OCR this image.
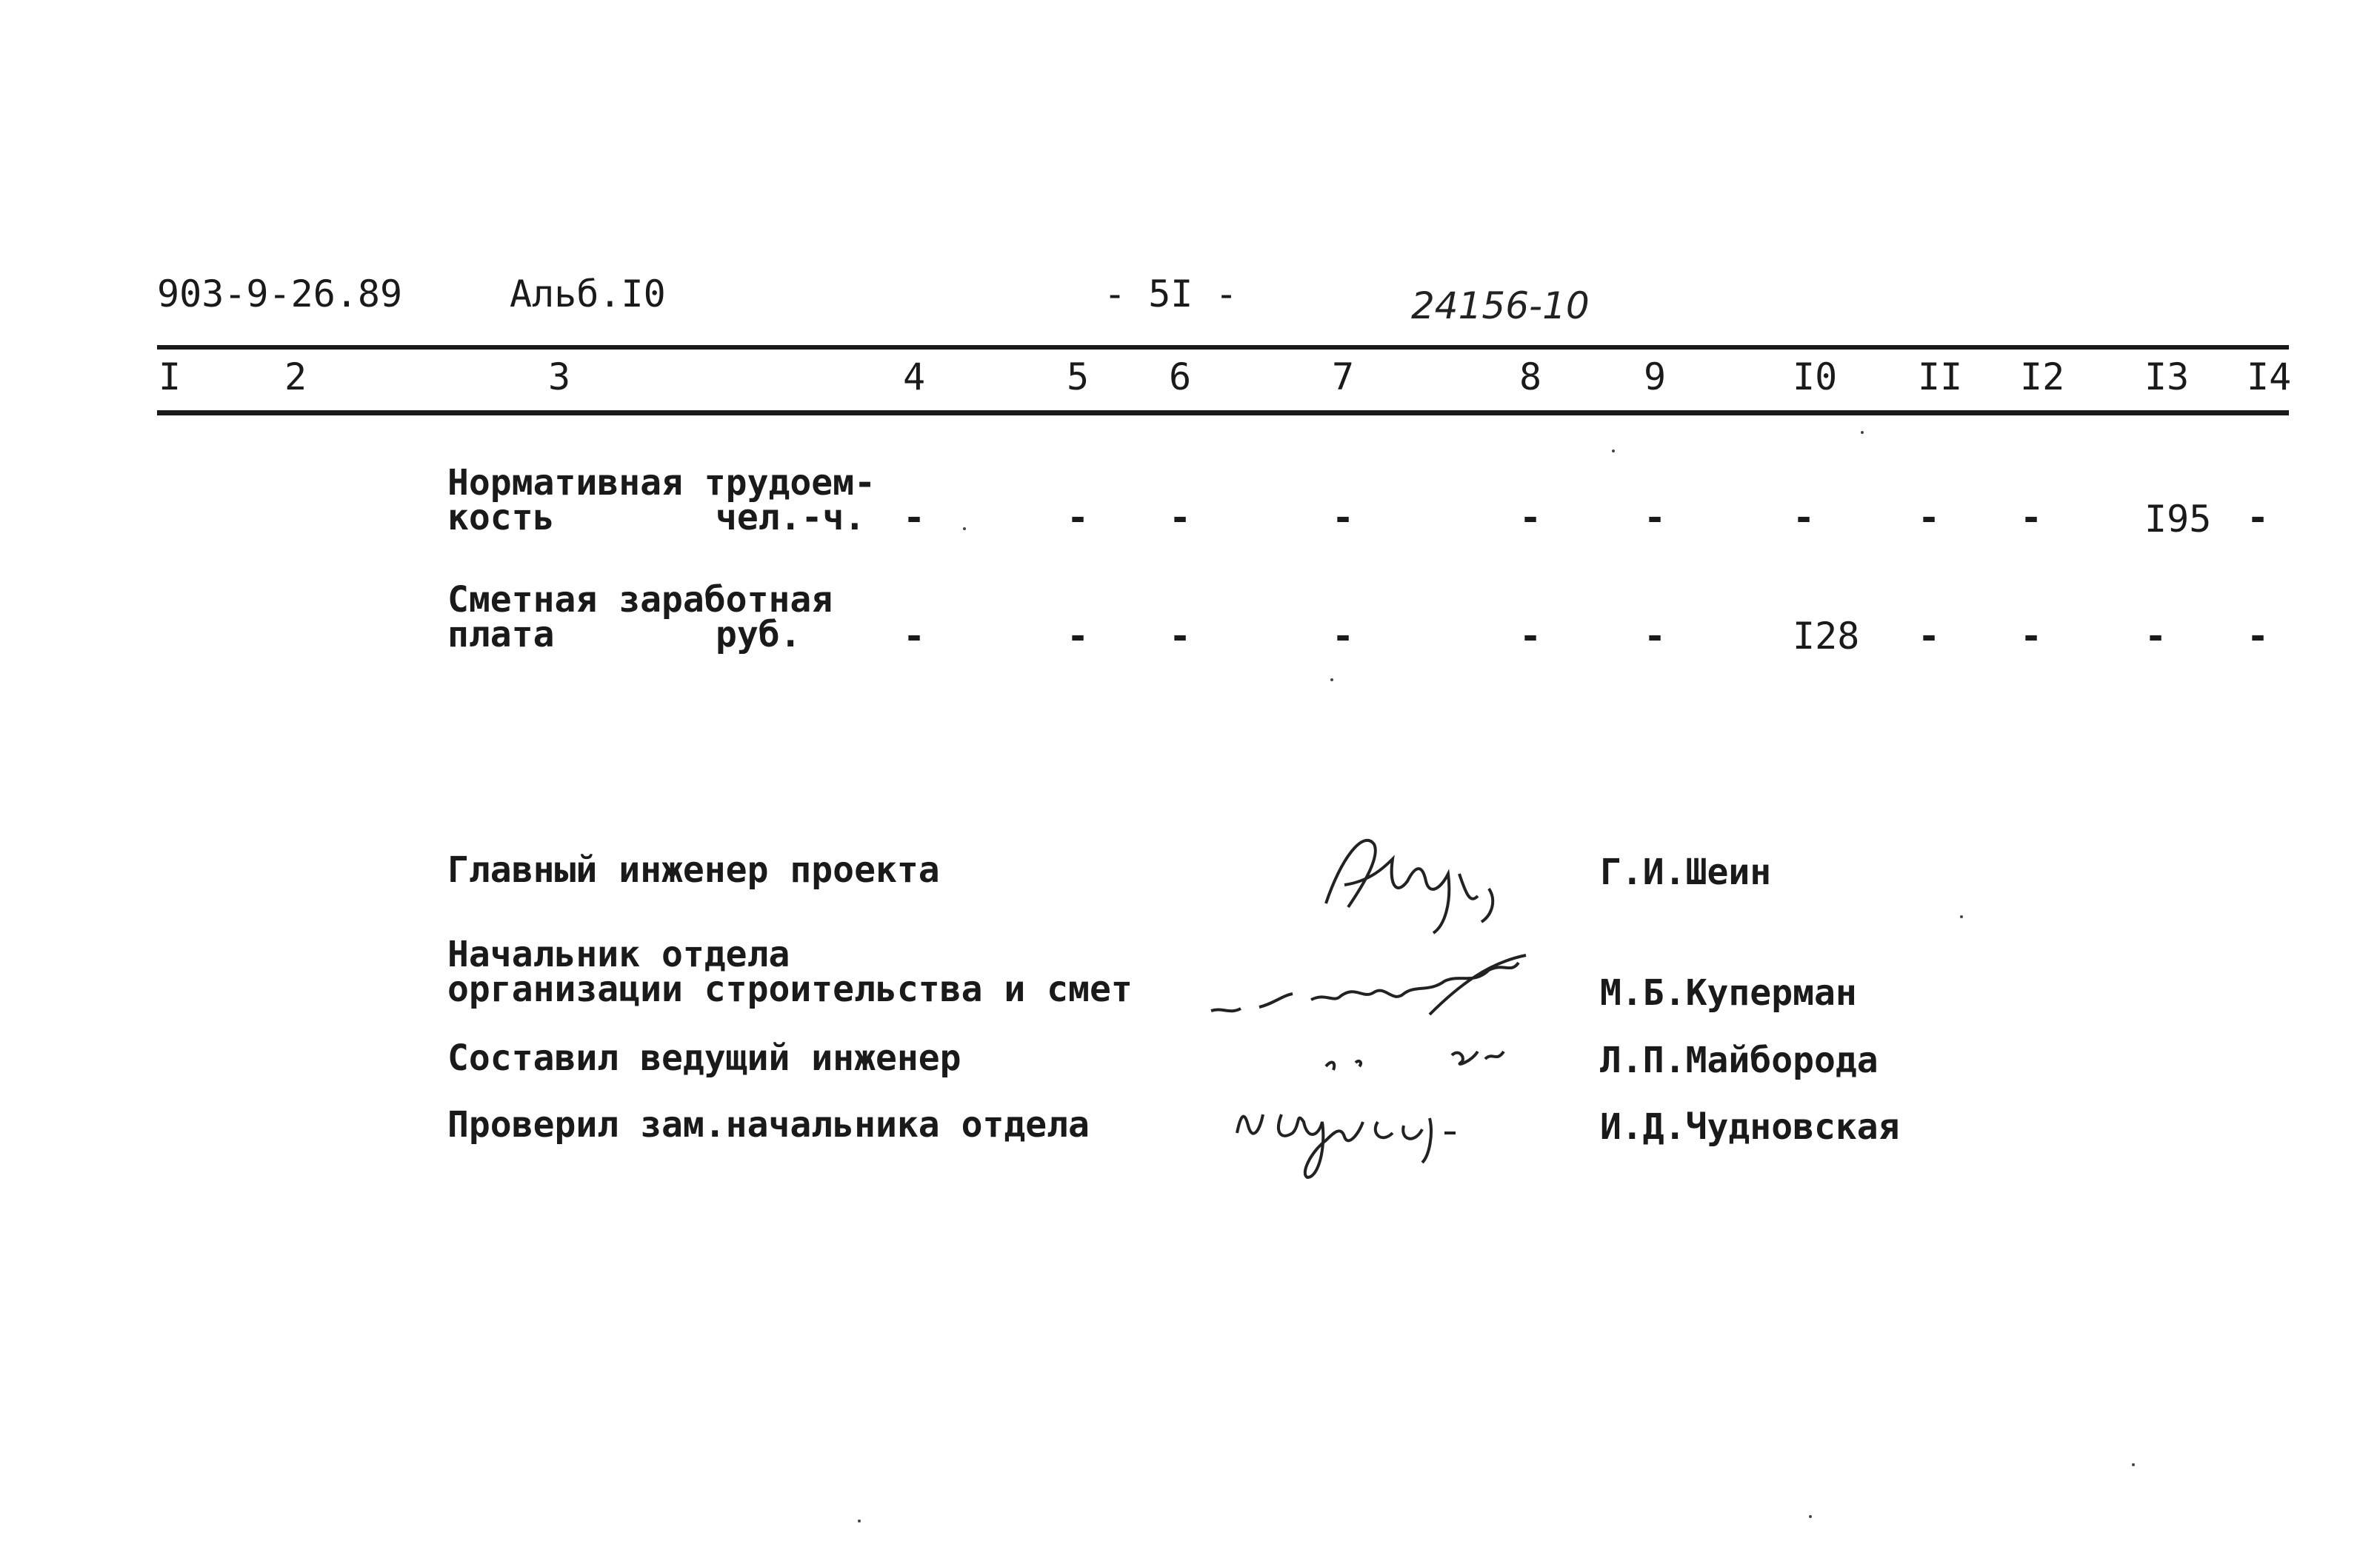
903-9-26.89	Альб.I0	- 5I -	24156-10
I	2	3	4	5 6	7	8	9	I0 II I2 I3 I4
Нормативная трудоем-
кость	чел.-ч. -	- -	-	-	-	-	- -	I95 -
Сметная заработная
плата	руб.	-	- -	-	-	-	I28 - -	- -
Главный инженер проекта	Г.И.Шеин
Начальник отдела
организации строительства и смет	М.Б.Куперман
Составил ведущий инженер	Л.П.Майборода
Проверил зам.начальника отдела	И.Д.Чудновская
